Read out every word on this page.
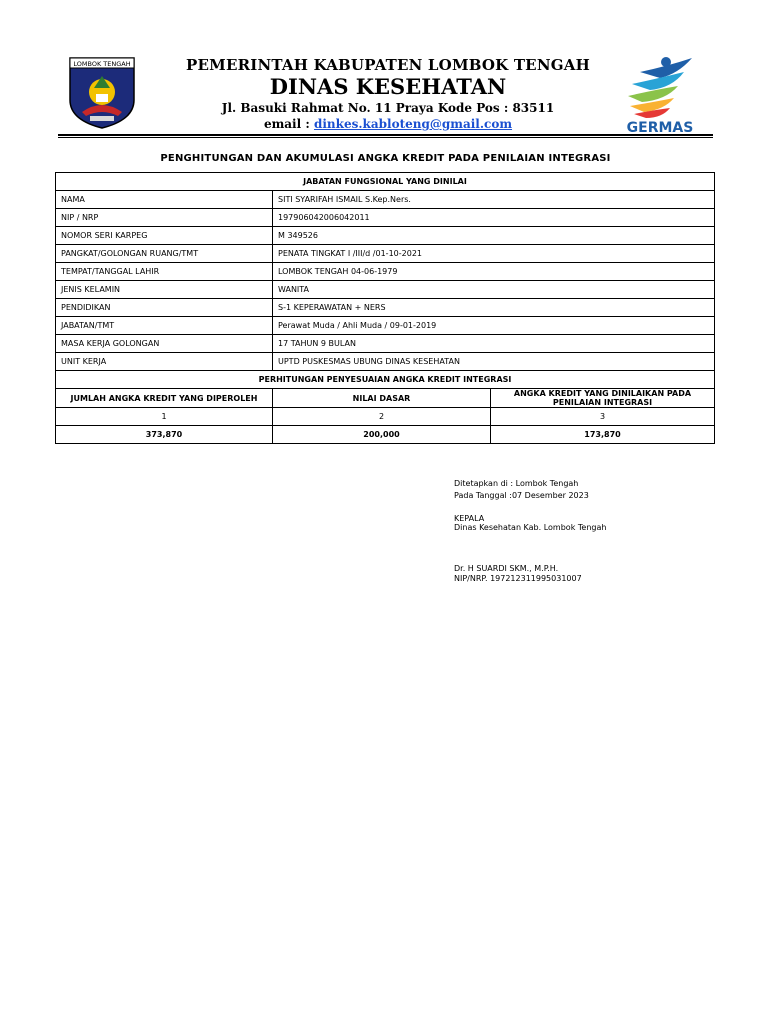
LOMBOK TENGAH	PEMERINTAH KABUPATEN LOMBOK TENGAH
DINAS KESEHATAN
Jl. Basuki Rahmat No. 11 Praya Kode Pos : 83511
email : dinkes.kabloteng@gmail.com	GERMAS
PENGHITUNGAN DAN AKUMULASI ANGKA KREDIT PADA PENILAIAN INTEGRASI
JABATAN FUNGSIONAL YANG DINILAI		
NAMA	SITI SYARIFAH ISMAIL S.Kep.Ners.	
NIP / NRP	197906042006042011	
NOMOR SERI KARPEG	M 349526	
PANGKAT/GOLONGAN RUANG/TMT	PENATA TINGKAT I /III/d /01-10-2021	
TEMPAT/TANGGAL LAHIR	LOMBOK TENGAH 04-06-1979	
JENIS KELAMIN	WANITA	
PENDIDIKAN	S-1 KEPERAWATAN + NERS	
JABATAN/TMT	Perawat Muda / Ahli Muda / 09-01-2019	
MASA KERJA GOLONGAN	17 TAHUN 9 BULAN	
UNIT KERJA	UPTD PUSKESMAS UBUNG DINAS KESEHATAN	
PERHITUNGAN PENYESUAIAN ANGKA KREDIT INTEGRASI		
JUMLAH ANGKA KREDIT YANG DIPEROLEH	NILAI DASAR	ANGKA KREDIT YANG DINILAIKAN PADA PENILAIAN INTEGRASI
1	2	3
373,870	200,000	173,870
Ditetapkan di : Lombok Tengah
Pada Tanggal :07 Desember 2023
KEPALA
Dinas Kesehatan Kab. Lombok Tengah
Dr. H SUARDI SKM., M.P.H.
NIP/NRP. 197212311995031007
